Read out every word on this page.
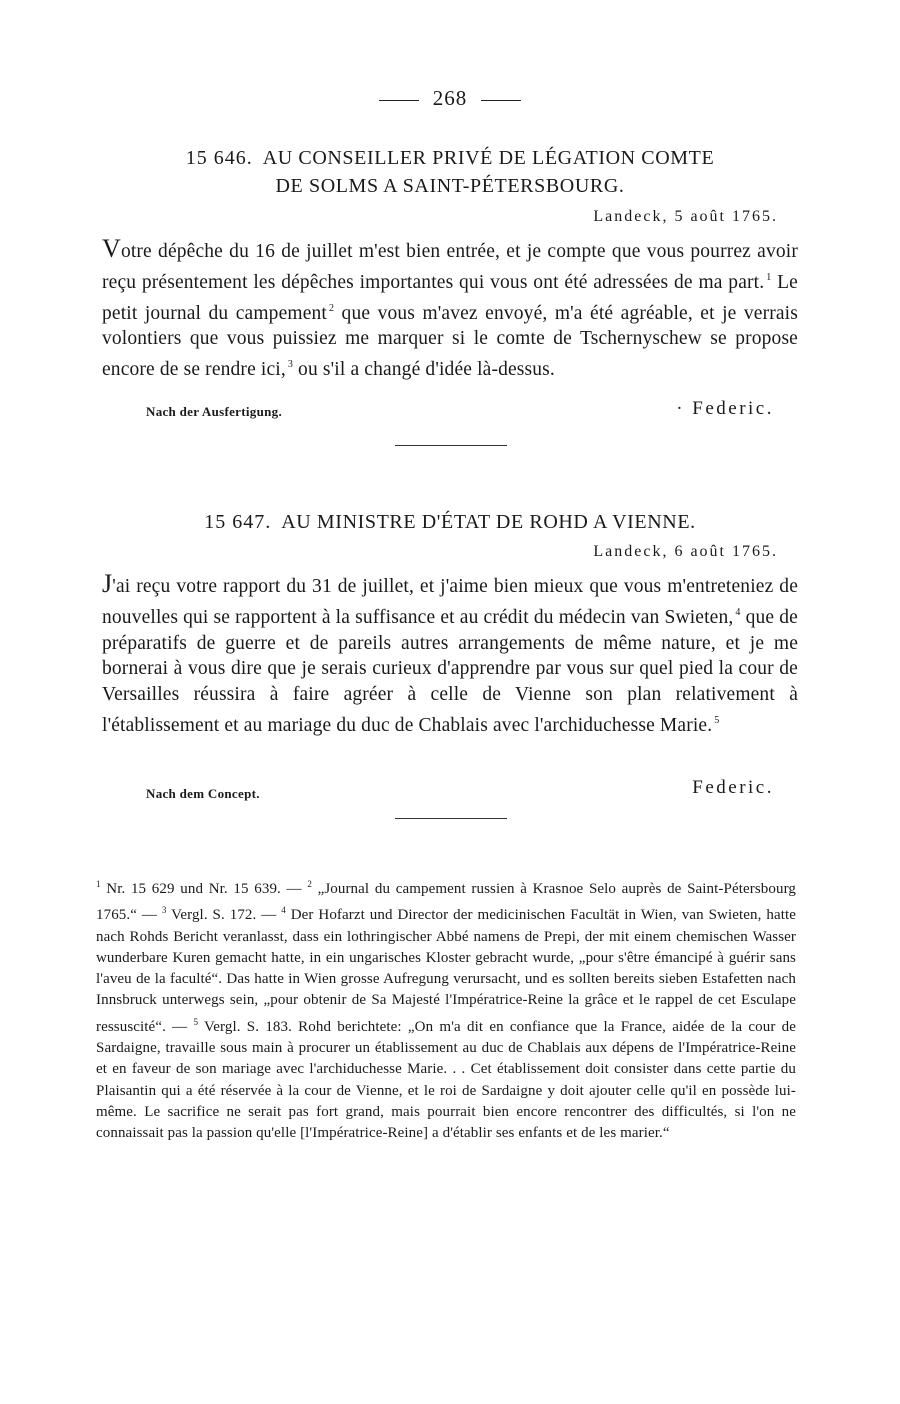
268
15 646. AU CONSEILLER PRIVÉ DE LÉGATION COMTE
DE SOLMS A SAINT-PÉTERSBOURG.
Landeck, 5 août 1765.
Votre dépêche du 16 de juillet m'est bien entrée, et je compte que vous pourrez avoir reçu présentement les dépêches importantes qui vous ont été adressées de ma part. $^1$ Le petit journal du campement $^2$ que vous m'avez envoyé, m'a été agréable, et je verrais volontiers que vous puissiez me marquer si le comte de Tschernyschew se propose encore de se rendre ici, $^3$ ou s'il a changé d'idée là-dessus.
Nach der Ausfertigung.	· Federic.
15 647. AU MINISTRE D'ÉTAT DE ROHD A VIENNE.
Landeck, 6 août 1765.
J'ai reçu votre rapport du 31 de juillet, et j'aime bien mieux que vous m'entreteniez de nouvelles qui se rapportent à la suffisance et au crédit du médecin van Swieten, $^4$ que de préparatifs de guerre et de pareils autres arrangements de même nature, et je me bornerai à vous dire que je serais curieux d'apprendre par vous sur quel pied la cour de Versailles réussira à faire agréer à celle de Vienne son plan relativement à l'établissement et au mariage du duc de Chablais avec l'archiduchesse Marie. $^5$
Nach dem Concept.	Federic.
$^1$ Nr. 15 629 und Nr. 15 639. — $^2$ „Journal du campement russien à Krasnoe Selo auprès de Saint-Pétersbourg 1765.“ — $^3$ Vergl. S. 172. — $^4$ Der Hofarzt und Director der medicinischen Facultät in Wien, van Swieten, hatte nach Rohds Bericht veranlasst, dass ein lothringischer Abbé namens de Prepi, der mit einem chemischen Wasser wunderbare Kuren gemacht hatte, in ein ungarisches Kloster gebracht wurde, „pour s'être émancipé à guérir sans l'aveu de la faculté“. Das hatte in Wien grosse Aufregung verursacht, und es sollten bereits sieben Estafetten nach Innsbruck unterwegs sein, „pour obtenir de Sa Majesté l'Impératrice-Reine la grâce et le rappel de cet Esculape ressuscité“. — $^5$ Vergl. S. 183. Rohd berichtete: „On m'a dit en confiance que la France, aidée de la cour de Sardaigne, travaille sous main à procurer un établissement au duc de Chablais aux dépens de l'Impératrice-Reine et en faveur de son mariage avec l'archiduchesse Marie. . . Cet établissement doit consister dans cette partie du Plaisantin qui a été réservée à la cour de Vienne, et le roi de Sardaigne y doit ajouter celle qu'il en possède lui-même. Le sacrifice ne serait pas fort grand, mais pourrait bien encore rencontrer des difficultés, si l'on ne connaissait pas la passion qu'elle [l'Impératrice-Reine] a d'établir ses enfants et de les marier.“
